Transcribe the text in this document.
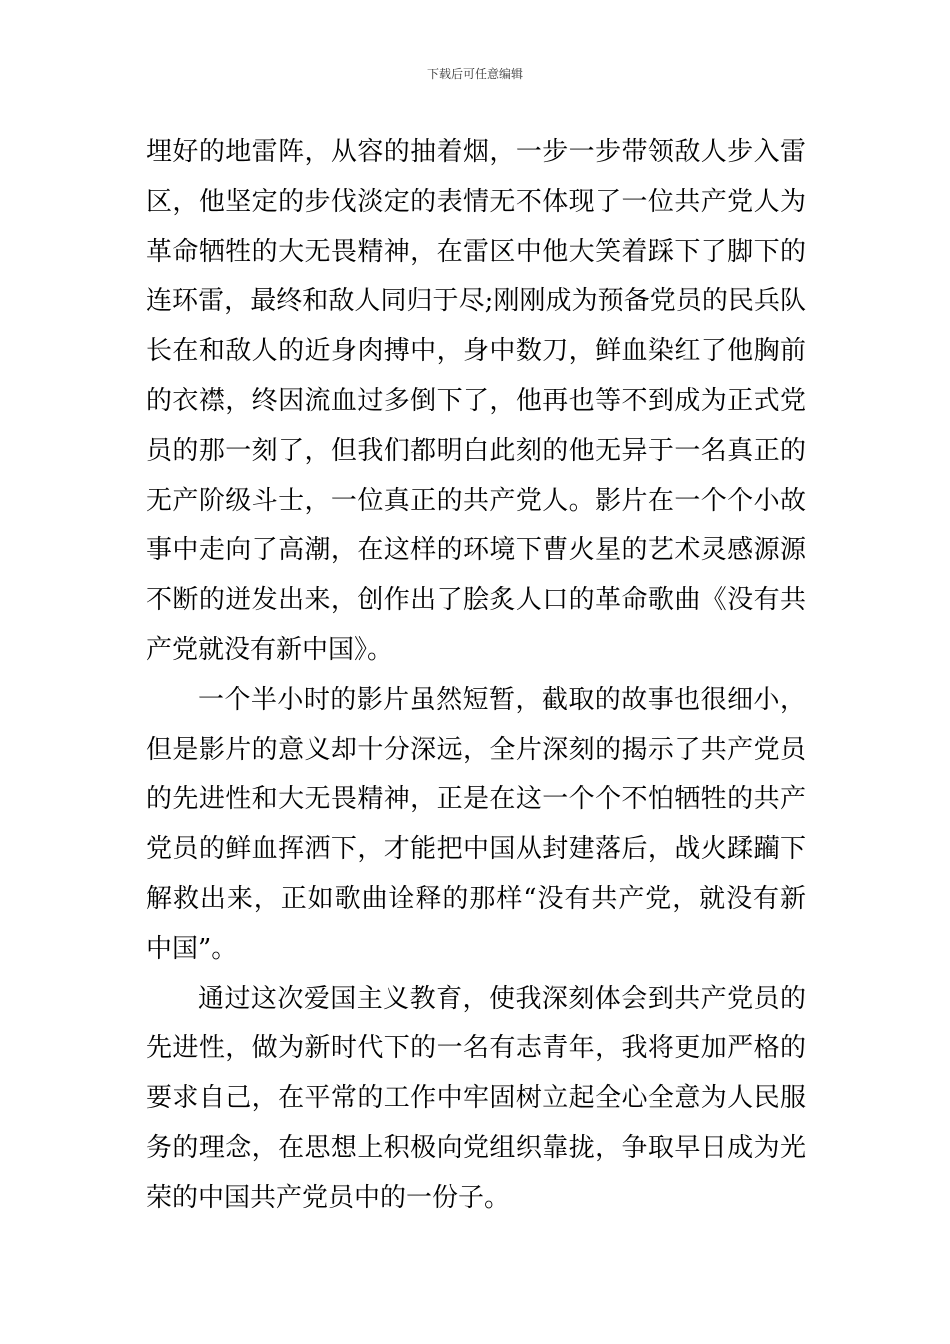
下载后可任意编辑
埋好的地雷阵，从容的抽着烟，一步一步带领敌人步入雷
区，他坚定的步伐淡定的表情无不体现了一位共产党人为
革命牺牲的大无畏精神，在雷区中他大笑着踩下了脚下的
连环雷，最终和敌人同归于尽;刚刚成为预备党员的民兵队
长在和敌人的近身肉搏中，身中数刀，鲜血染红了他胸前
的衣襟，终因流血过多倒下了，他再也等不到成为正式党
员的那一刻了，但我们都明白此刻的他无异于一名真正的
无产阶级斗士，一位真正的共产党人。影片在一个个小故
事中走向了高潮，在这样的环境下曹火星的艺术灵感源源
不断的迸发出来，创作出了脍炙人口的革命歌曲《没有共
产党就没有新中国》。
一个半小时的影片虽然短暂，截取的故事也很细小，
但是影片的意义却十分深远，全片深刻的揭示了共产党员
的先进性和大无畏精神，正是在这一个个不怕牺牲的共产
党员的鲜血挥洒下，才能把中国从封建落后，战火蹂躏下
解救出来，正如歌曲诠释的那样“没有共产党，就没有新
中国”。
通过这次爱国主义教育，使我深刻体会到共产党员的
先进性，做为新时代下的一名有志青年，我将更加严格的
要求自己，在平常的工作中牢固树立起全心全意为人民服
务的理念，在思想上积极向党组织靠拢，争取早日成为光
荣的中国共产党员中的一份子。
